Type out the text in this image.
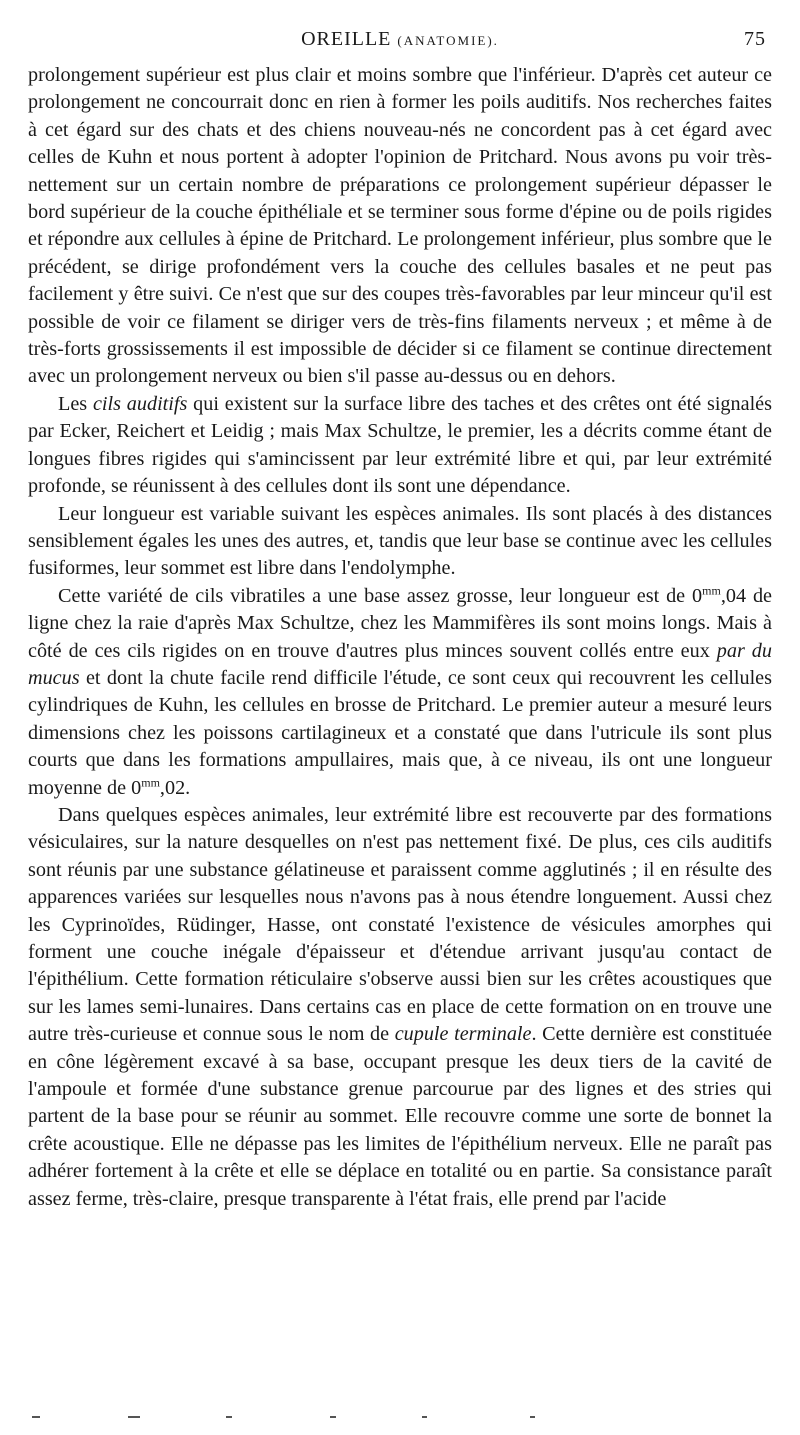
OREILLE (ANATOMIE).	75

prolongement supérieur est plus clair et moins sombre que l'inférieur. D'après cet auteur ce prolongement ne concourrait donc en rien à former les poils auditifs. Nos recherches faites à cet égard sur des chats et des chiens nouveau-nés ne concordent pas à cet égard avec celles de Kuhn et nous portent à adopter l'opinion de Pritchard. Nous avons pu voir très-nettement sur un certain nombre de préparations ce prolongement supérieur dépasser le bord supérieur de la couche épithéliale et se terminer sous forme d'épine ou de poils rigides et répondre aux cellules à épine de Pritchard. Le prolongement inférieur, plus sombre que le précédent, se dirige profondément vers la couche des cellules basales et ne peut pas facilement y être suivi. Ce n'est que sur des coupes très-favorables par leur minceur qu'il est possible de voir ce filament se diriger vers de très-fins filaments nerveux ; et même à de très-forts grossissements il est impossible de décider si ce filament se continue directement avec un prolongement nerveux ou bien s'il passe au-dessus ou en dehors.

Les cils auditifs qui existent sur la surface libre des taches et des crêtes ont été signalés par Ecker, Reichert et Leidig ; mais Max Schultze, le premier, les a décrits comme étant de longues fibres rigides qui s'amincissent par leur extrémité libre et qui, par leur extrémité profonde, se réunissent à des cellules dont ils sont une dépendance.

Leur longueur est variable suivant les espèces animales. Ils sont placés à des distances sensiblement égales les unes des autres, et, tandis que leur base se continue avec les cellules fusiformes, leur sommet est libre dans l'endolymphe.

Cette variété de cils vibratiles a une base assez grosse, leur longueur est de $0^{mm},04$ de ligne chez la raie d'après Max Schultze, chez les Mammifères ils sont moins longs. Mais à côté de ces cils rigides on en trouve d'autres plus minces souvent collés entre eux par du mucus et dont la chute facile rend difficile l'étude, ce sont ceux qui recouvrent les cellules cylindriques de Kuhn, les cellules en brosse de Pritchard. Le premier auteur a mesuré leurs dimensions chez les poissons cartilagineux et a constaté que dans l'utricule ils sont plus courts que dans les formations ampullaires, mais que, à ce niveau, ils ont une longueur moyenne de $0^{mm},02$.

Dans quelques espèces animales, leur extrémité libre est recouverte par des formations vésiculaires, sur la nature desquelles on n'est pas nettement fixé. De plus, ces cils auditifs sont réunis par une substance gélatineuse et paraissent comme agglutinés ; il en résulte des apparences variées sur lesquelles nous n'avons pas à nous étendre longuement. Aussi chez les Cyprinoïdes, Rüdinger, Hasse, ont constaté l'existence de vésicules amorphes qui forment une couche inégale d'épaisseur et d'étendue arrivant jusqu'au contact de l'épithélium. Cette formation réticulaire s'observe aussi bien sur les crêtes acoustiques que sur les lames semi-lunaires. Dans certains cas en place de cette formation on en trouve une autre très-curieuse et connue sous le nom de cupule terminale. Cette dernière est constituée en cône légèrement excavé à sa base, occupant presque les deux tiers de la cavité de l'ampoule et formée d'une substance grenue parcourue par des lignes et des stries qui partent de la base pour se réunir au sommet. Elle recouvre comme une sorte de bonnet la crête acoustique. Elle ne dépasse pas les limites de l'épithélium nerveux. Elle ne paraît pas adhérer fortement à la crête et elle se déplace en totalité ou en partie. Sa consistance paraît assez ferme, très-claire, presque transparente à l'état frais, elle prend par l'acide
